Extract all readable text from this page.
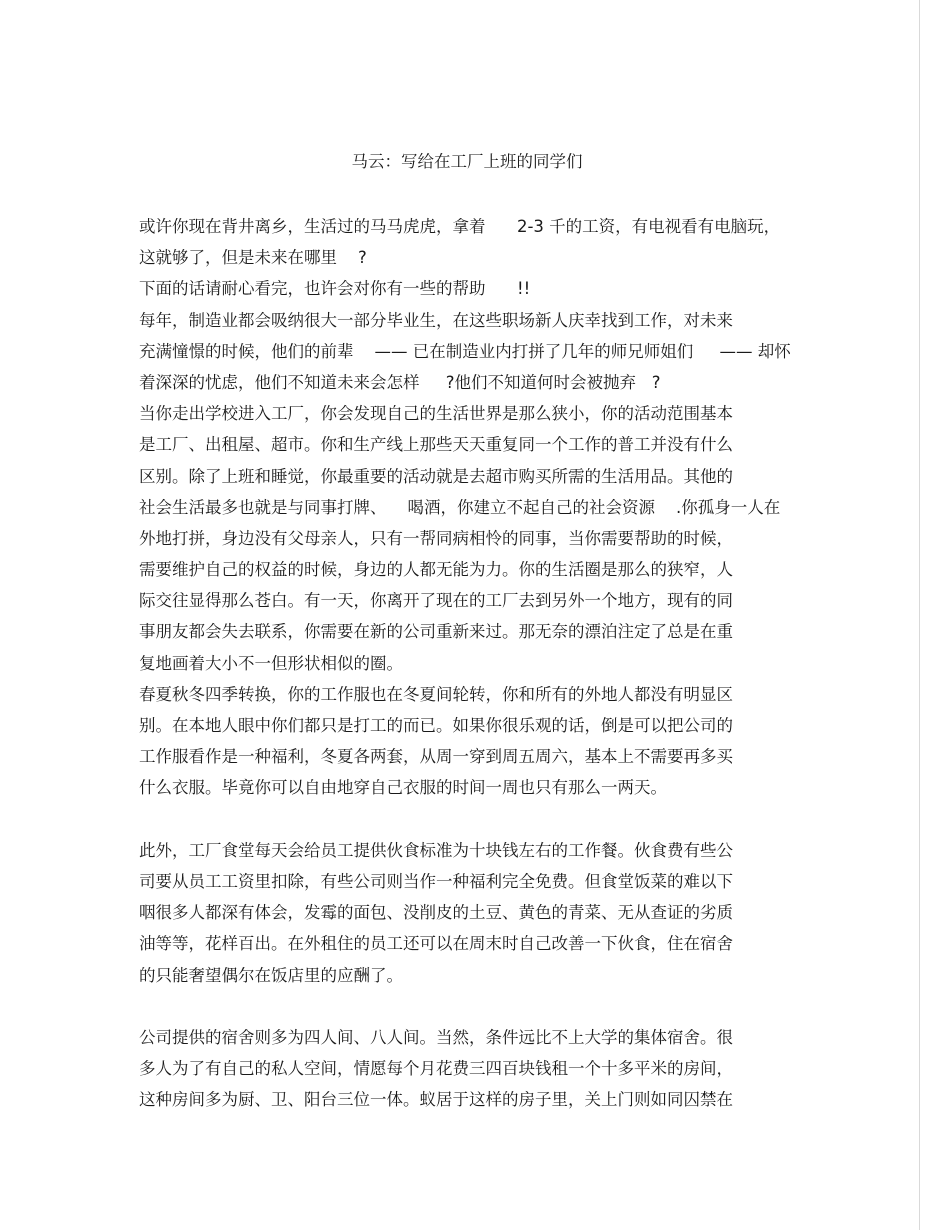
马云：写给在工厂上班的同学们
或许你现在背井离乡，生活过的马马虎虎，拿着      2-3 千的工资，有电视看有电脑玩，
这就够了，但是未来在哪里    ?
下面的话请耐心看完，也许会对你有一些的帮助      !!
每年，制造业都会吸纳很大一部分毕业生，在这些职场新人庆幸找到工作，对未来
充满憧憬的时候，他们的前辈    —— 已在制造业内打拼了几年的师兄师姐们     —— 却怀
着深深的忧虑，他们不知道未来会怎样     ?他们不知道何时会被抛弃   ?
当你走出学校进入工厂，你会发现自己的生活世界是那么狭小，你的活动范围基本
是工厂、出租屋、超市。你和生产线上那些天天重复同一个工作的普工并没有什么
区别。除了上班和睡觉，你最重要的活动就是去超市购买所需的生活用品。其他的
社会生活最多也就是与同事打牌、    喝酒，你建立不起自己的社会资源    .你孤身一人在
外地打拼，身边没有父母亲人，只有一帮同病相怜的同事，当你需要帮助的时候，
需要维护自己的权益的时候，身边的人都无能为力。你的生活圈是那么的狭窄，人
际交往显得那么苍白。有一天，你离开了现在的工厂去到另外一个地方，现有的同
事朋友都会失去联系，你需要在新的公司重新来过。那无奈的漂泊注定了总是在重
复地画着大小不一但形状相似的圈。
春夏秋冬四季转换，你的工作服也在冬夏间轮转，你和所有的外地人都没有明显区
别。在本地人眼中你们都只是打工的而已。如果你很乐观的话，倒是可以把公司的
工作服看作是一种福利，冬夏各两套，从周一穿到周五周六，基本上不需要再多买
什么衣服。毕竟你可以自由地穿自己衣服的时间一周也只有那么一两天。
此外，工厂食堂每天会给员工提供伙食标准为十块钱左右的工作餐。伙食费有些公
司要从员工工资里扣除，有些公司则当作一种福利完全免费。但食堂饭菜的难以下
咽很多人都深有体会，发霉的面包、没削皮的土豆、黄色的青菜、无从查证的劣质
油等等，花样百出。在外租住的员工还可以在周末时自己改善一下伙食，住在宿舍
的只能奢望偶尔在饭店里的应酬了。
公司提供的宿舍则多为四人间、八人间。当然，条件远比不上大学的集体宿舍。很
多人为了有自己的私人空间，情愿每个月花费三四百块钱租一个十多平米的房间，
这种房间多为厨、卫、阳台三位一体。蚁居于这样的房子里，关上门则如同囚禁在
